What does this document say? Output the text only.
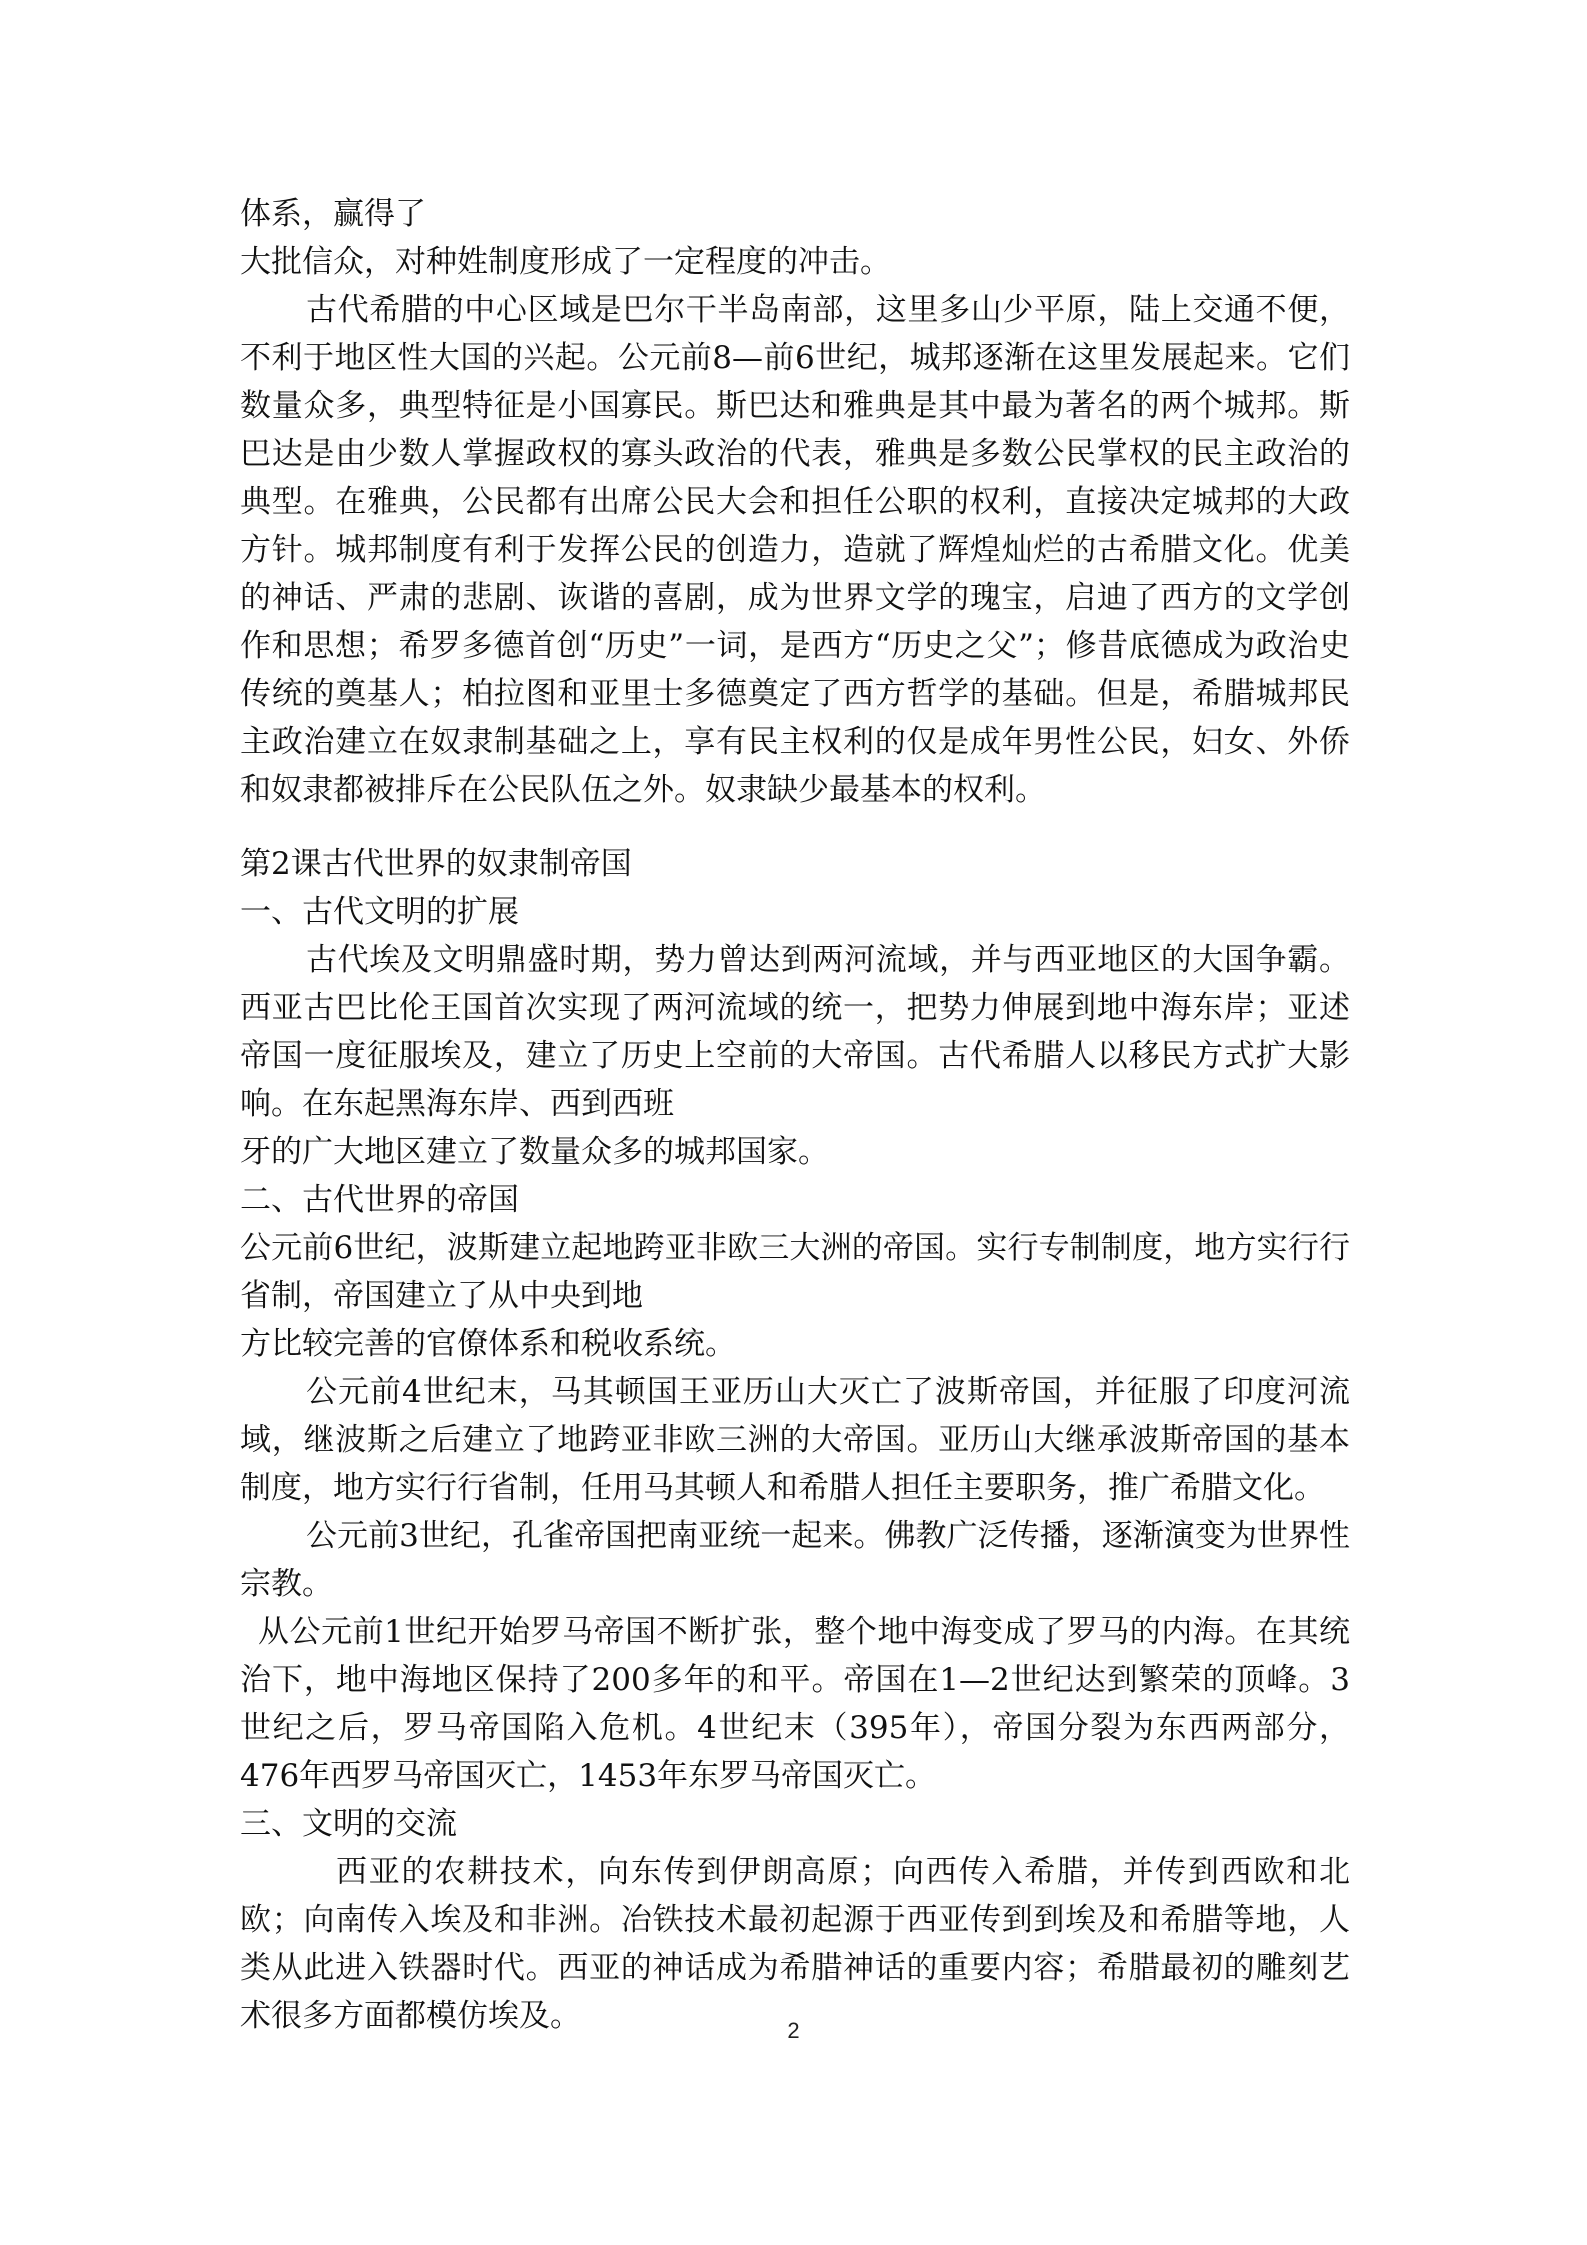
体系，赢得了

大批信众，对种姓制度形成了一定程度的冲击。

古代希腊的中心区域是巴尔干半岛南部，这里多山少平原，陆上交通不便，不利于地区性大国的兴起。公元前8—前6世纪，城邦逐渐在这里发展起来。它们数量众多，典型特征是小国寡民。斯巴达和雅典是其中最为著名的两个城邦。斯巴达是由少数人掌握政权的寡头政治的代表，雅典是多数公民掌权的民主政治的典型。在雅典，公民都有出席公民大会和担任公职的权利，直接决定城邦的大政方针。城邦制度有利于发挥公民的创造力，造就了辉煌灿烂的古希腊文化。优美的神话、严肃的悲剧、诙谐的喜剧，成为世界文学的瑰宝，启迪了西方的文学创作和思想；希罗多德首创“历史”一词，是西方“历史之父”；修昔底德成为政治史传统的奠基人；柏拉图和亚里士多德奠定了西方哲学的基础。但是，希腊城邦民主政治建立在奴隶制基础之上，享有民主权利的仅是成年男性公民，妇女、外侨和奴隶都被排斥在公民队伍之外。奴隶缺少最基本的权利。

第2课古代世界的奴隶制帝国

一、古代文明的扩展

古代埃及文明鼎盛时期，势力曾达到两河流域，并与西亚地区的大国争霸。西亚古巴比伦王国首次实现了两河流域的统一，把势力伸展到地中海东岸；亚述帝国一度征服埃及，建立了历史上空前的大帝国。古代希腊人以移民方式扩大影响。在东起黑海东岸、西到西班

牙的广大地区建立了数量众多的城邦国家。

二、古代世界的帝国

公元前6世纪，波斯建立起地跨亚非欧三大洲的帝国。实行专制制度，地方实行行省制，帝国建立了从中央到地

方比较完善的官僚体系和税收系统。

公元前4世纪末，马其顿国王亚历山大灭亡了波斯帝国，并征服了印度河流域，继波斯之后建立了地跨亚非欧三洲的大帝国。亚历山大继承波斯帝国的基本制度，地方实行行省制，任用马其顿人和希腊人担任主要职务，推广希腊文化。

公元前3世纪，孔雀帝国把南亚统一起来。佛教广泛传播，逐渐演变为世界性宗教。

从公元前1世纪开始罗马帝国不断扩张，整个地中海变成了罗马的内海。在其统治下，地中海地区保持了200多年的和平。帝国在1—2世纪达到繁荣的顶峰。3世纪之后，罗马帝国陷入危机。4世纪末（395年），帝国分裂为东西两部分，476年西罗马帝国灭亡，1453年东罗马帝国灭亡。

三、文明的交流

西亚的农耕技术，向东传到伊朗高原；向西传入希腊，并传到西欧和北欧；向南传入埃及和非洲。冶铁技术最初起源于西亚传到到埃及和希腊等地，人类从此进入铁器时代。西亚的神话成为希腊神话的重要内容；希腊最初的雕刻艺术很多方面都模仿埃及。	2
